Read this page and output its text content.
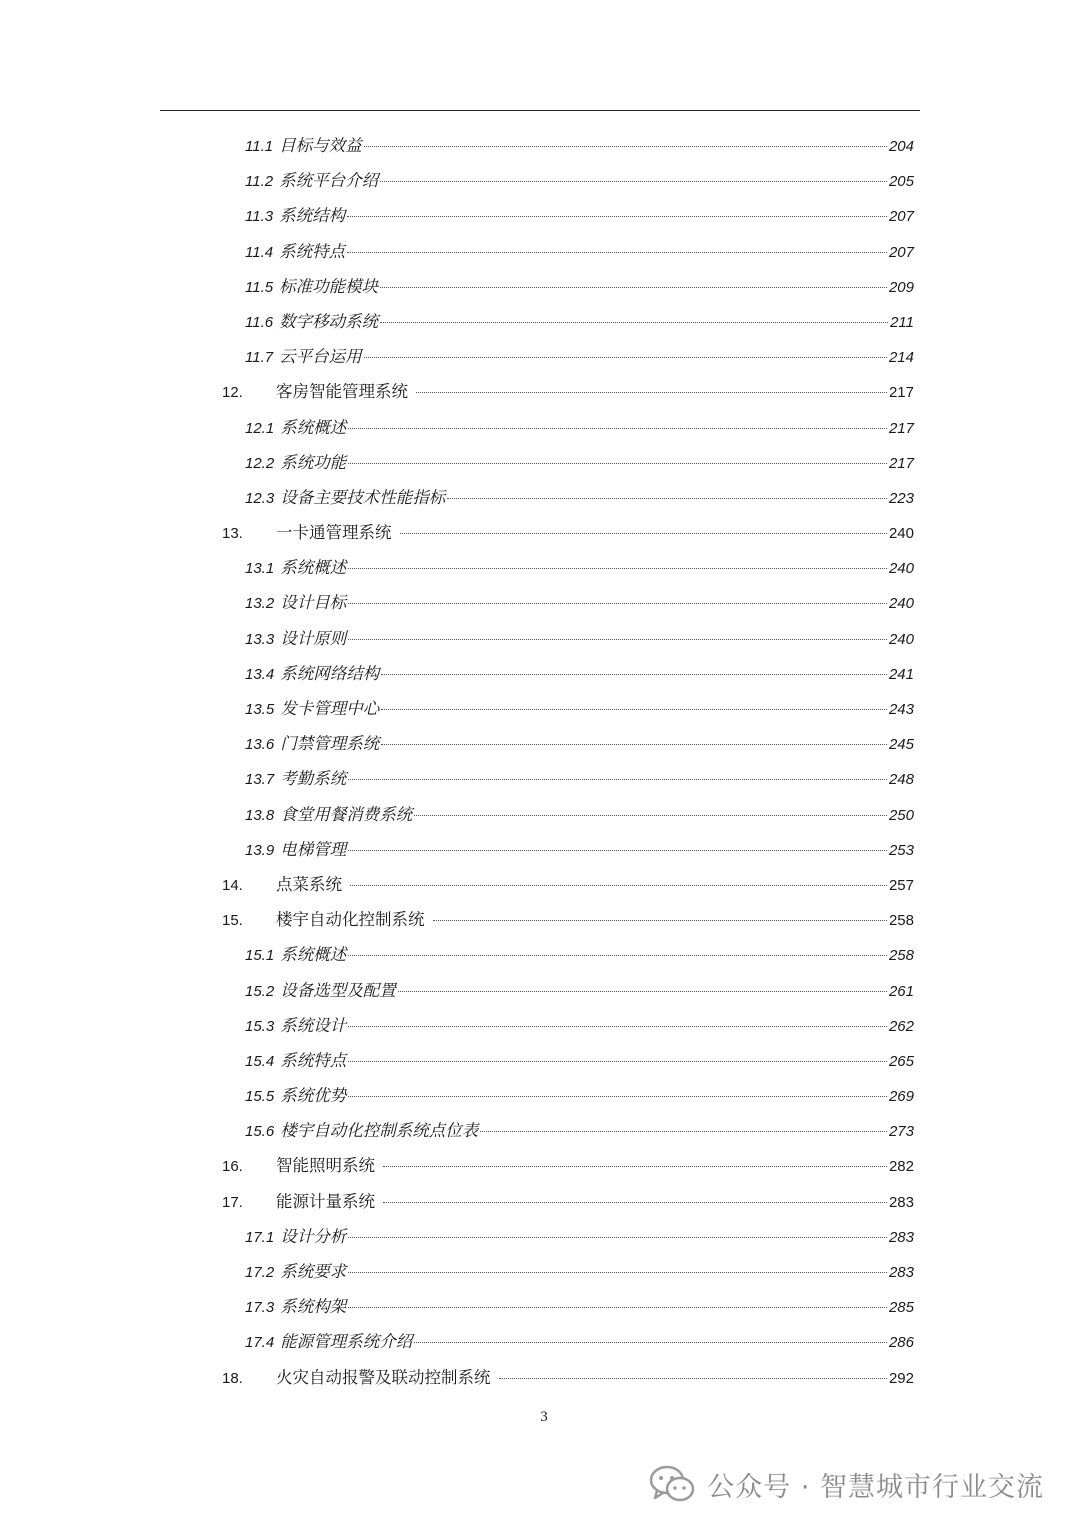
11.1 目标与效益	204
11.2 系统平台介绍	205
11.3 系统结构	207
11.4 系统特点	207
11.5 标准功能模块	209
11.6 数字移动系统	211
11.7 云平台运用	214
12.	客房智能管理系统	217
12.1 系统概述	217
12.2 系统功能	217
12.3 设备主要技术性能指标	223
13.	一卡通管理系统	240
13.1 系统概述	240
13.2 设计目标	240
13.3 设计原则	240
13.4 系统网络结构	241
13.5 发卡管理中心	243
13.6 门禁管理系统	245
13.7 考勤系统	248
13.8 食堂用餐消费系统	250
13.9 电梯管理	253
14.	点菜系统	257
15.	楼宇自动化控制系统	258
15.1 系统概述	258
15.2 设备选型及配置	261
15.3 系统设计	262
15.4 系统特点	265
15.5 系统优势	269
15.6 楼宇自动化控制系统点位表	273
16.	智能照明系统	282
17.	能源计量系统	283
17.1 设计分析	283
17.2 系统要求	283
17.3 系统构架	285
17.4 能源管理系统介绍	286
18.	火灾自动报警及联动控制系统	292
3
公众号 · 智慧城市行业交流
